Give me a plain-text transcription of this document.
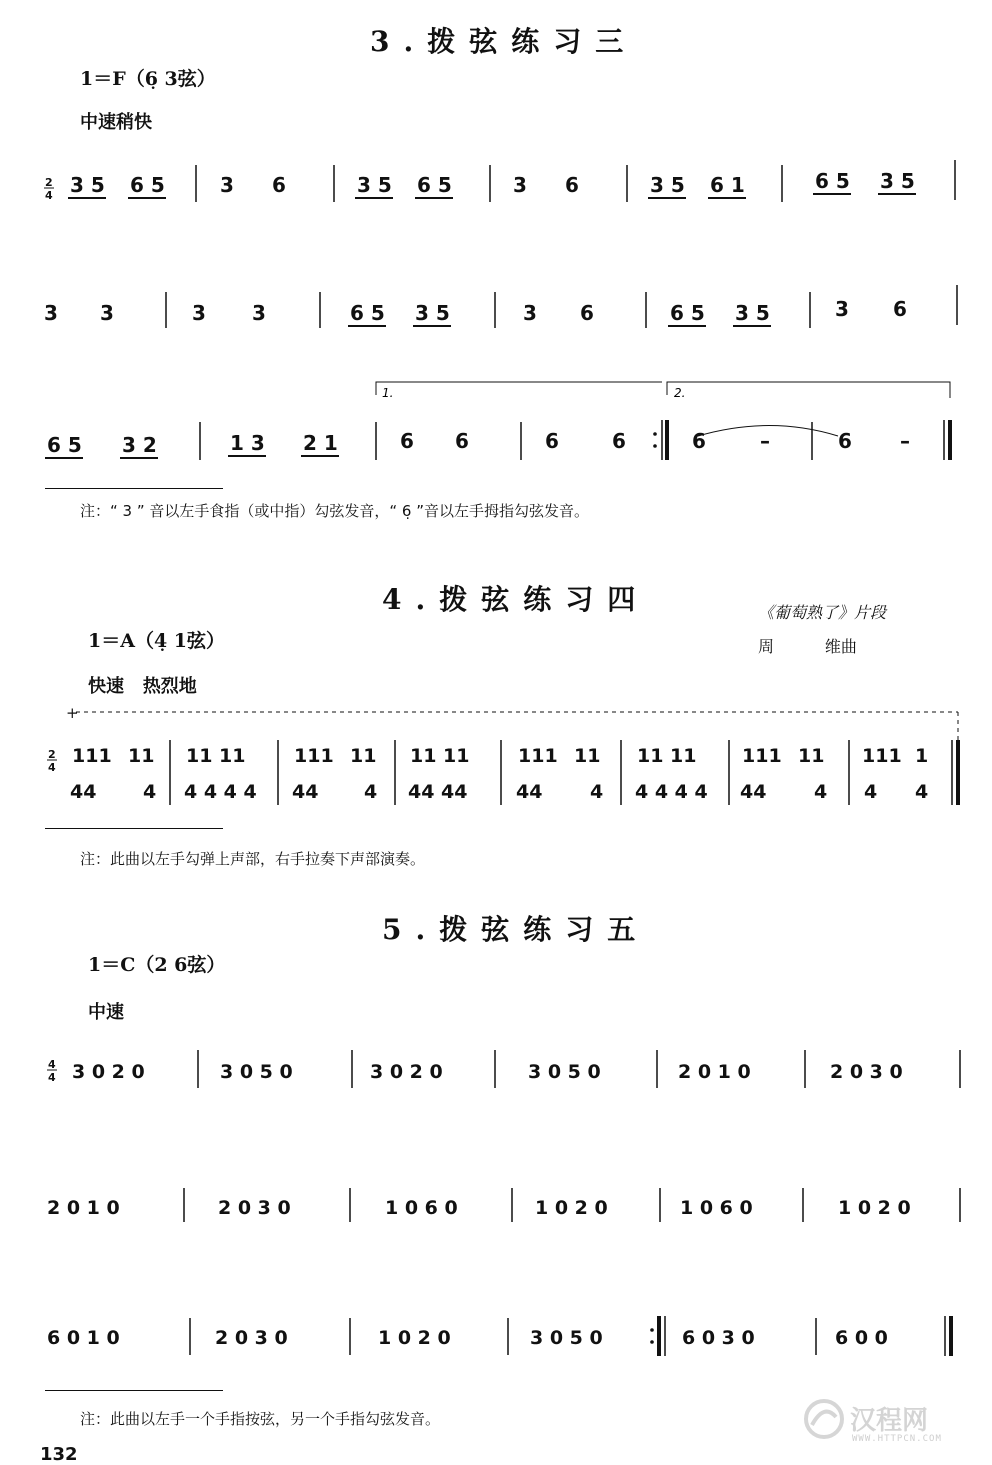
3.拨弦练习三
1＝F（6̣ 3弦）
中速稍快
2
4 3 5 6 5	3 6	3 5 6 5	3 6	3 5 6 1	6 5 3 5
3 3	3 3	6 5 3 5	3 6	6 5 3 5	3 6
6 5 3 2	1 3 2 1	6 6	6	6	6	–	6 –
1.	2.
注：“ 3 ” 音以左手食指（或中指）勾弦发音，“ 6̣ ”音以左手拇指勾弦发音。
4.拨弦练习四	《葡萄熟了》片段
周          维曲
1＝A（4̣ 1弦）
快速   热烈地
+
2
4
111 11
44 4
11 11
4 4 4 4
111 11
44 4
11 11
44 44
111 11
44	4
11 11
4 4 4 4
111 11
44	4
111 1
4 4
注：此曲以左手勾弹上声部，右手拉奏下声部演奏。
5.拨弦练习五
1＝C（2 6弦）
中速
4
4 3 0 2 0	3 0 5 0	3 0 2 0	3 0 5 0	2 0 1 0	2 0 3 0
2 0 1 0	2 0 3 0	1 0 6 0	1 0 2 0	1 0 6 0	1 0 2 0
6 0 1 0	2 0 3 0	1 0 2 0	3 0 5 0	6 0 3 0	6 0 0
注：此曲以左手一个手指按弦，另一个手指勾弦发音。
132
汉程网
WWW.HTTPCN.COM
